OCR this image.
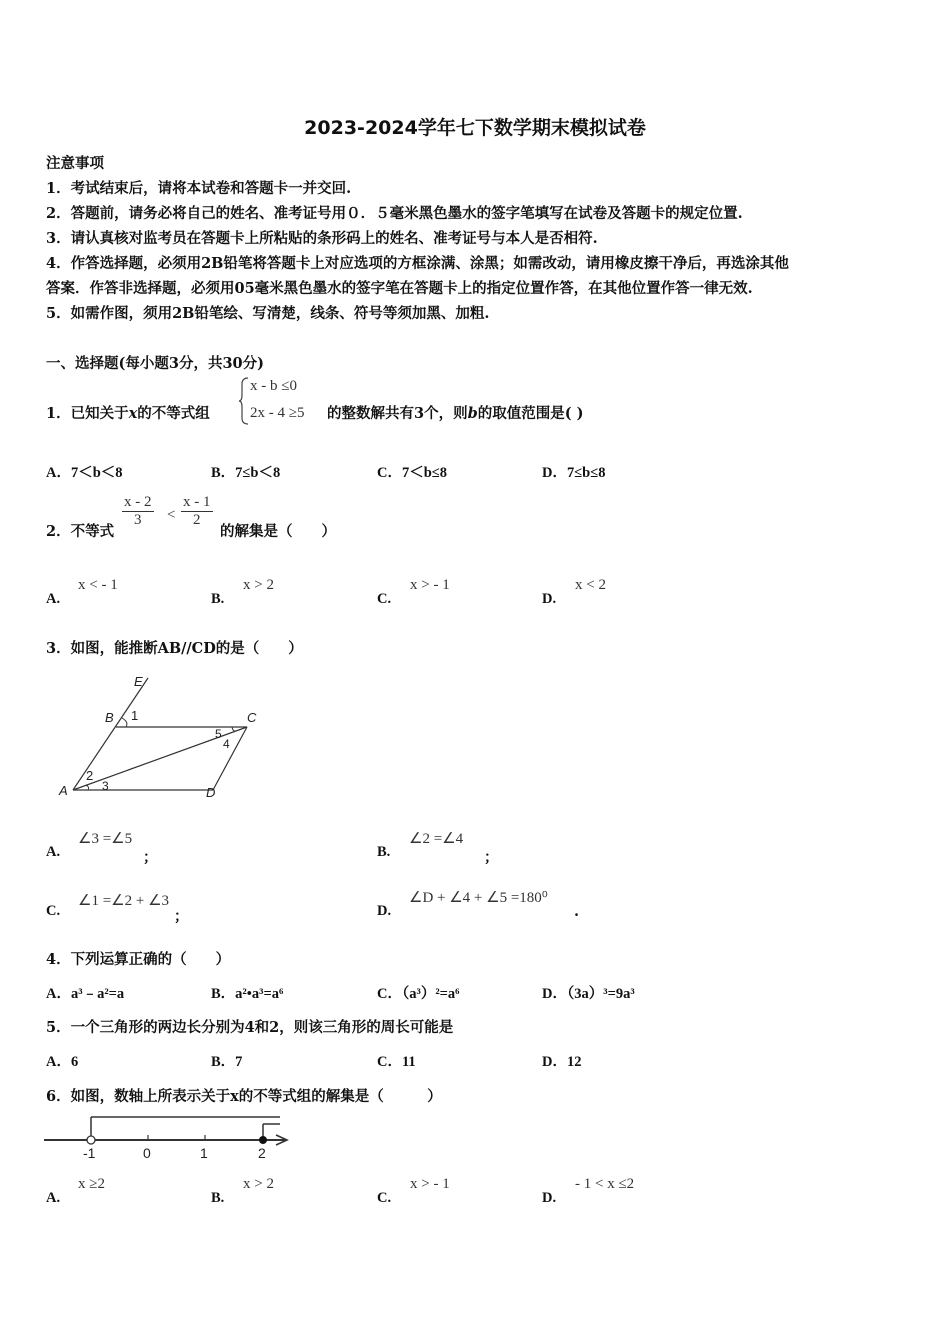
2023-2024学年七下数学期末模拟试卷
注意事项
1．考试结束后，请将本试卷和答题卡一并交回.
2．答题前，请务必将自己的姓名、准考证号用０．５毫米黑色墨水的签字笔填写在试卷及答题卡的规定位置.
3．请认真核对监考员在答题卡上所粘贴的条形码上的姓名、准考证号与本人是否相符.
4．作答选择题，必须用2B铅笔将答题卡上对应选项的方框涂满、涂黑；如需改动，请用橡皮擦干净后，再选涂其他
答案．作答非选择题，必须用05毫米黑色墨水的签字笔在答题卡上的指定位置作答，在其他位置作答一律无效.
5．如需作图，须用2B铅笔绘、写清楚，线条、符号等须加黑、加粗.
一、选择题(每小题3分，共30分)
1．已知关于x的不等式组
x - b ≤0
2x - 4 ≥5 的整数解共有3个，则b的取值范围是( )
A．7＜b＜8	B．7≤b＜8	C．7＜b≤8	D．7≤b≤8
2．不等式
$\frac{x - 2}{3} < \frac{x - 1}{2}$
的解集是（　　）
A.
x < - 1
B.
x > 2
C.
x > - 1
D.
x < 2
3．如图，能推断AB//CD的是（　　）
E
B 1	C
5
4
2
A	3	D
A.
∠3 =∠5
；	B.
∠2 =∠4
；
C.
∠1 =∠2 + ∠3
；	D.
∠D + ∠4 + ∠5 =180⁰
.
4．下列运算正确的（　　）
A．a³﹣a²=a	B．a²•a³=a⁶	C．（a³）²=a⁶	D．（3a）³=9a³
5．一个三角形的两边长分别为4和2，则该三角形的周长可能是
A．6	B．7	C．11	D．12
6．如图，数轴上所表示关于x的不等式组的解集是（　　　）
-1	0	1	2
A.
x ≥2
B.
x > 2
C.
x > - 1
D.
- 1 < x ≤2
